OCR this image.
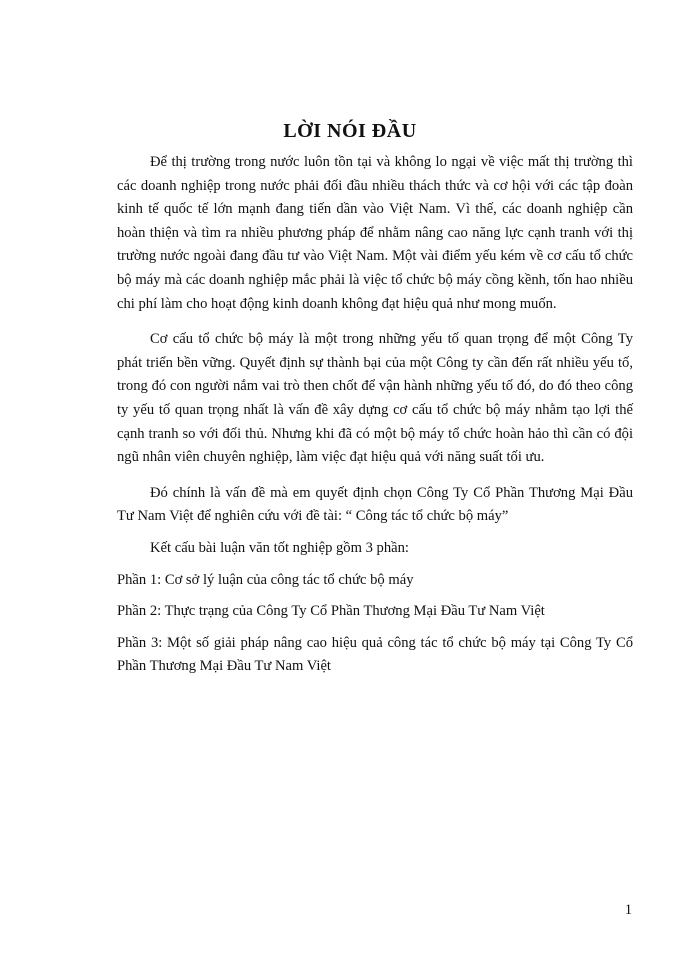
LỜI NÓI ĐẦU

Để thị trường trong nước luôn tồn tại và không lo ngại về việc mất thị trường thì các doanh nghiệp trong nước phải đối đầu nhiều thách thức và cơ hội với các tập đoàn kinh tế quốc tế lớn mạnh đang tiến dần vào Việt Nam. Vì thế, các doanh nghiệp cần hoàn thiện và tìm ra nhiều phương pháp để nhằm nâng cao năng lực cạnh tranh với thị trường nước ngoài đang đầu tư vào Việt Nam. Một vài điểm yếu kém về cơ cấu tổ chức bộ máy mà các doanh nghiệp mắc phải là việc tổ chức bộ máy cồng kềnh, tốn hao nhiều chi phí làm cho hoạt động kinh doanh không đạt hiệu quả như mong muốn.

Cơ cấu tổ chức bộ máy là một trong những yếu tố quan trọng để một Công Ty phát triển bền vững. Quyết định sự thành bại của một Công ty cần đến rất nhiều yếu tố, trong đó con người nắm vai trò then chốt để vận hành những yếu tố đó, do đó theo công ty yếu tố quan trọng nhất là vấn đề xây dựng cơ cấu tổ chức bộ máy nhằm tạo lợi thế cạnh tranh so với đối thủ. Nhưng khi đã có một bộ máy tổ chức hoàn hảo thì cần có đội ngũ nhân viên chuyên nghiệp, làm việc đạt hiệu quả với năng suất tối ưu.

Đó chính là vấn đề mà em quyết định chọn Công Ty Cổ Phần Thương Mại Đầu Tư Nam Việt để nghiên cứu với đề tài: “ Công tác tổ chức bộ máy”

Kết cấu bài luận văn tốt nghiệp gồm 3 phần:

Phần 1: Cơ sở lý luận của công tác tổ chức bộ máy

Phần 2: Thực trạng của Công Ty Cổ Phần Thương Mại Đầu Tư Nam Việt

Phần 3: Một số giải pháp nâng cao hiệu quả công tác tổ chức bộ máy tại Công Ty Cổ Phần Thương Mại Đầu Tư Nam Việt

1
